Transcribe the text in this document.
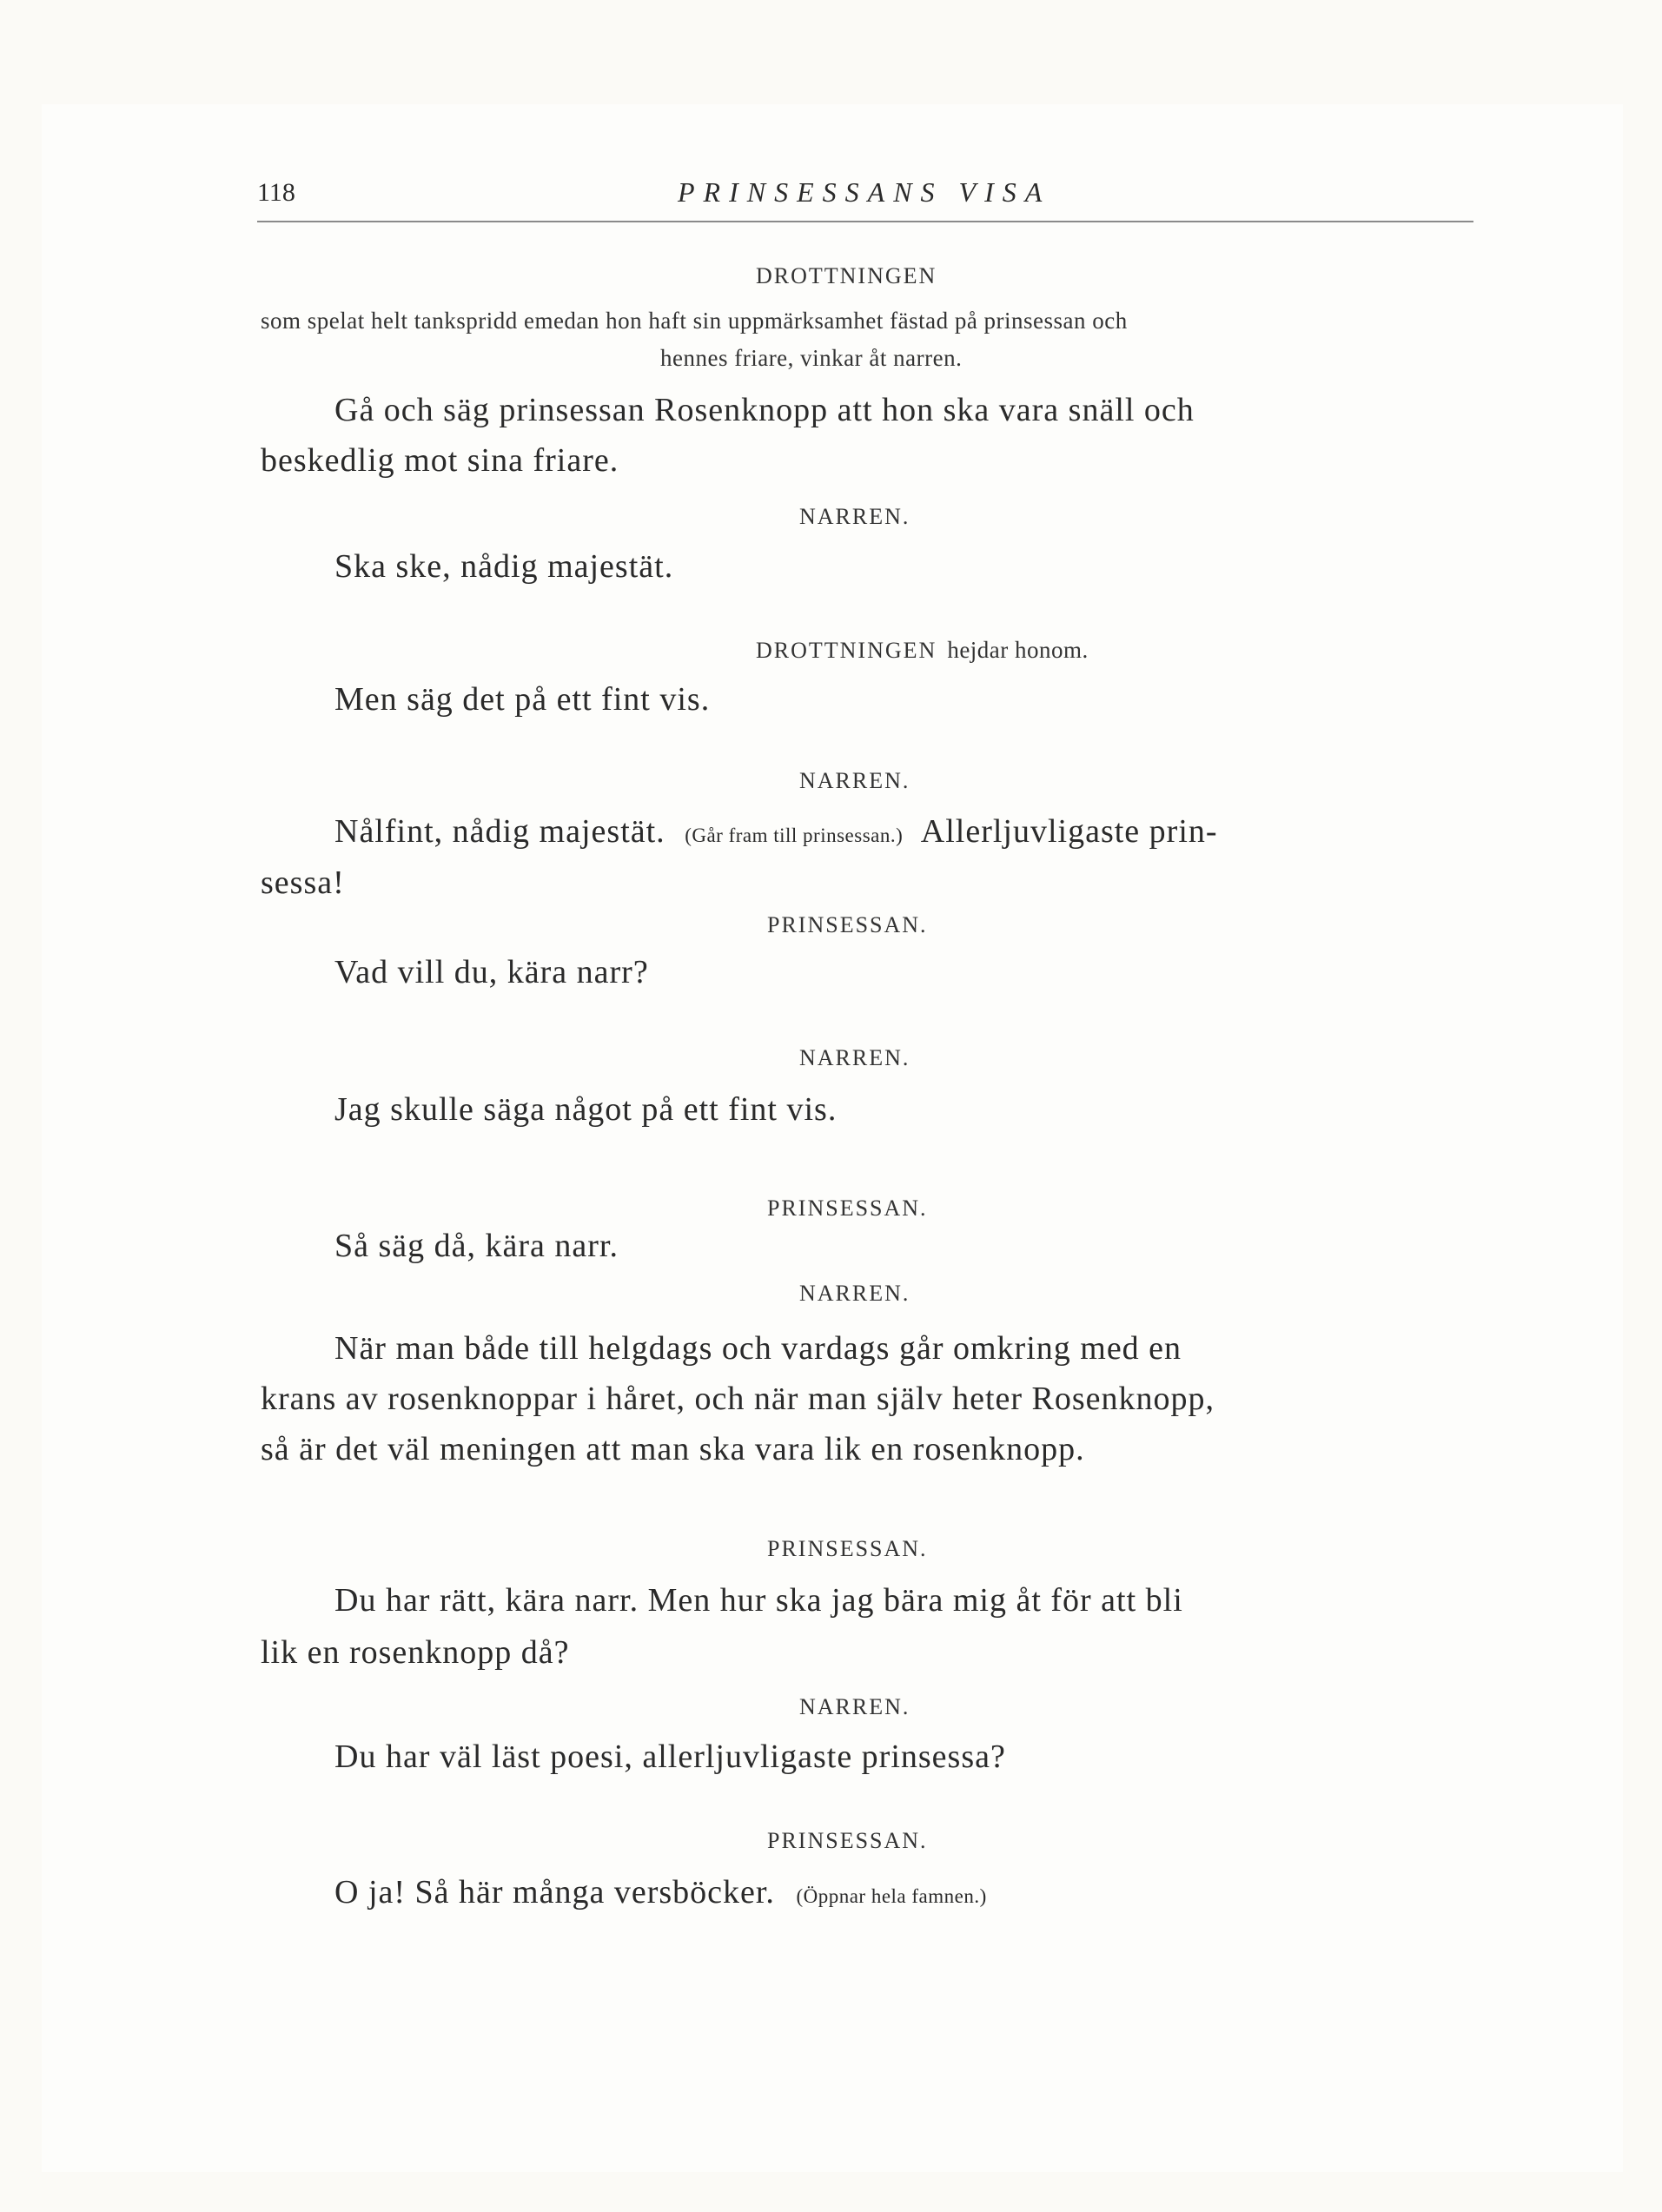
118	PRINSESSANS VISA
DROTTNINGEN
som spelat helt tankspridd emedan hon haft sin uppmärksamhet fästad på prinsessan och
hennes friare, vinkar åt narren.
Gå och säg prinsessan Rosenknopp att hon ska vara snäll och
beskedlig mot sina friare.
NARREN.
Ska ske, nådig majestät.
DROTTNINGEN hejdar honom.
Men säg det på ett fint vis.
NARREN.
Nålfint, nådig majestät. (Går fram till prinsessan.) Allerljuvligaste prin-
sessa!
PRINSESSAN.
Vad vill du, kära narr?
NARREN.
Jag skulle säga något på ett fint vis.
PRINSESSAN.
Så säg då, kära narr.
NARREN.
När man både till helgdags och vardags går omkring med en
krans av rosenknoppar i håret, och när man själv heter Rosenknopp,
så är det väl meningen att man ska vara lik en rosenknopp.
PRINSESSAN.
Du har rätt, kära narr. Men hur ska jag bära mig åt för att bli
lik en rosenknopp då?
NARREN.
Du har väl läst poesi, allerljuvligaste prinsessa?
PRINSESSAN.
O ja! Så här många versböcker. (Öppnar hela famnen.)
